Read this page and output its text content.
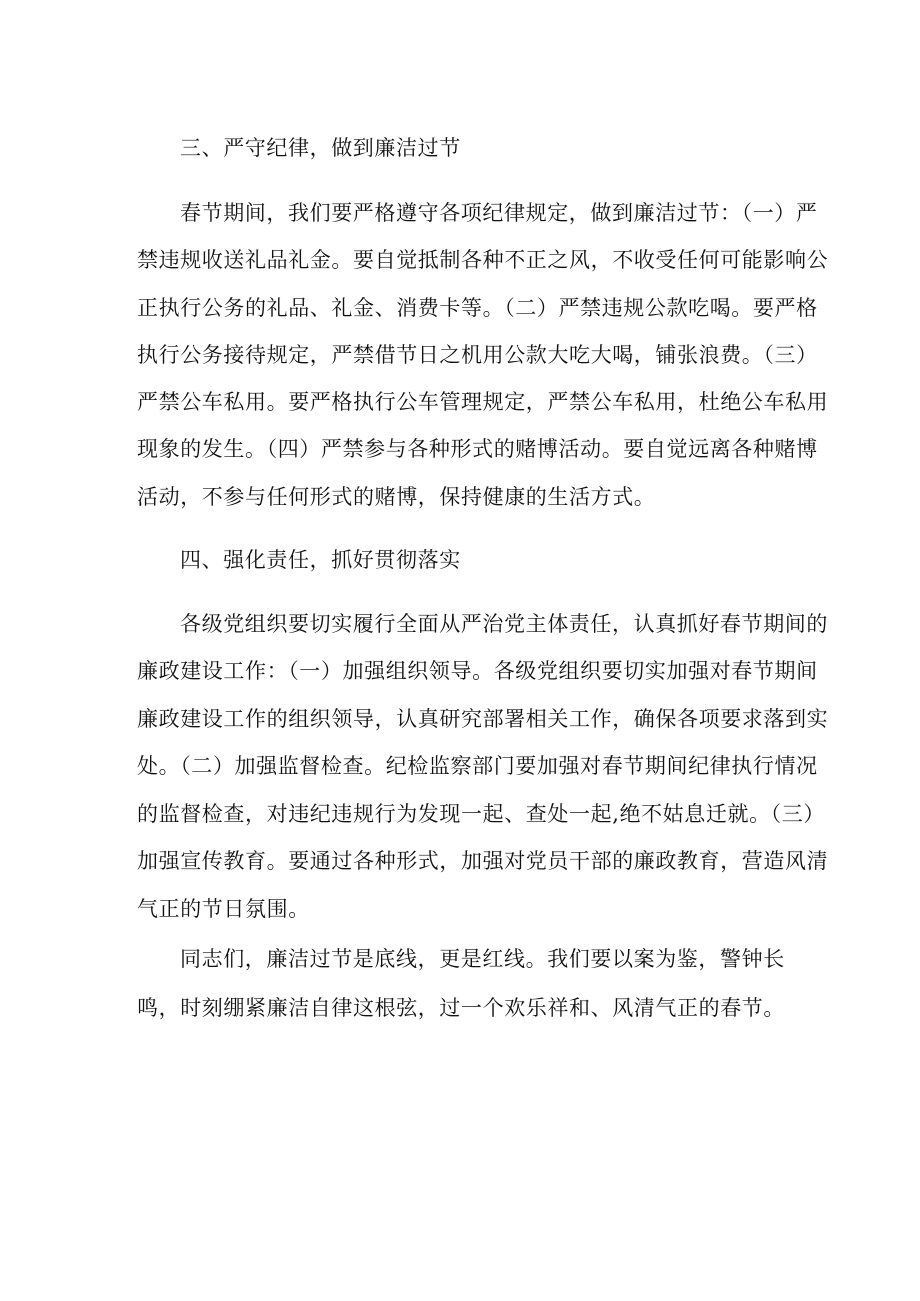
三、严守纪律，做到廉洁过节
春节期间，我们要严格遵守各项纪律规定，做到廉洁过节：（一）严
禁违规收送礼品礼金。要自觉抵制各种不正之风，不收受任何可能影响公
正执行公务的礼品、礼金、消费卡等。（二）严禁违规公款吃喝。要严格
执行公务接待规定，严禁借节日之机用公款大吃大喝，铺张浪费。（三）
严禁公车私用。要严格执行公车管理规定，严禁公车私用，杜绝公车私用
现象的发生。（四）严禁参与各种形式的赌博活动。要自觉远离各种赌博
活动，不参与任何形式的赌博，保持健康的生活方式。
四、强化责任，抓好贯彻落实
各级党组织要切实履行全面从严治党主体责任，认真抓好春节期间的
廉政建设工作：（一）加强组织领导。各级党组织要切实加强对春节期间
廉政建设工作的组织领导，认真研究部署相关工作，确保各项要求落到实
处。（二）加强监督检查。纪检监察部门要加强对春节期间纪律执行情况
的监督检查，对违纪违规行为发现一起、查处一起,绝不姑息迁就。（三）
加强宣传教育。要通过各种形式，加强对党员干部的廉政教育，营造风清
气正的节日氛围。
同志们，廉洁过节是底线，更是红线。我们要以案为鉴，警钟长
鸣，时刻绷紧廉洁自律这根弦，过一个欢乐祥和、风清气正的春节。
